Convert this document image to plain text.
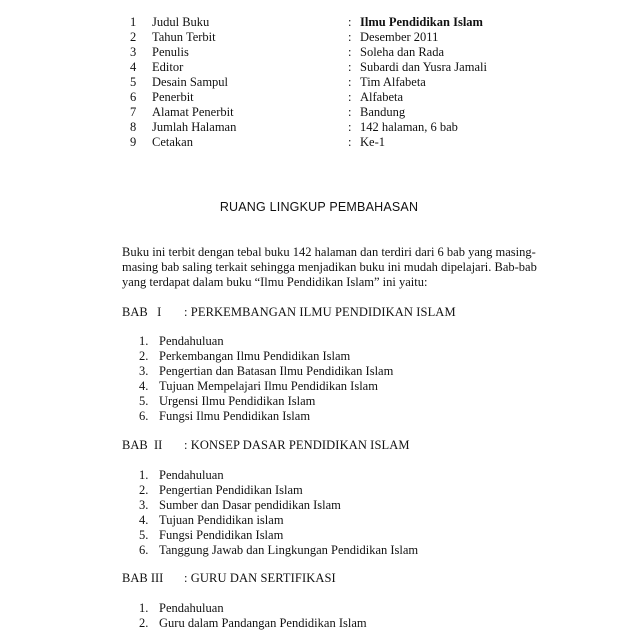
1	Judul Buku	:	Ilmu Pendidikan Islam
2	Tahun Terbit	:	Desember 2011
3	Penulis	:	Soleha dan Rada
4	Editor	:	Subardi dan Yusra Jamali
5	Desain Sampul	:	Tim Alfabeta
6	Penerbit	:	Alfabeta
7	Alamat Penerbit	:	Bandung
8	Jumlah Halaman	:	142 halaman, 6 bab
9	Cetakan	:	Ke-1
RUANG LINGKUP PEMBAHASAN

Buku ini terbit dengan tebal buku 142 halaman dan terdiri dari 6 bab yang masing-masing bab saling terkait sehingga menjadikan buku ini mudah dipelajari. Bab-bab yang terdapat dalam buku “Ilmu Pendidikan Islam” ini yaitu:

BAB   I : PERKEMBANGAN ILMU PENDIDIKAN ISLAM
1. Pendahuluan
2. Perkembangan Ilmu Pendidikan Islam
3. Pengertian dan Batasan Ilmu Pendidikan Islam
4. Tujuan Mempelajari Ilmu Pendidikan Islam
5. Urgensi Ilmu Pendidikan Islam
6. Fungsi Ilmu Pendidikan Islam
BAB  II : KONSEP DASAR PENDIDIKAN ISLAM
1. Pendahuluan
2. Pengertian Pendidikan Islam
3. Sumber dan Dasar pendidikan Islam
4. Tujuan Pendidikan islam
5. Fungsi Pendidikan Islam
6. Tanggung Jawab dan Lingkungan Pendidikan Islam
BAB III : GURU DAN SERTIFIKASI
1. Pendahuluan
2. Guru dalam Pandangan Pendidikan Islam
